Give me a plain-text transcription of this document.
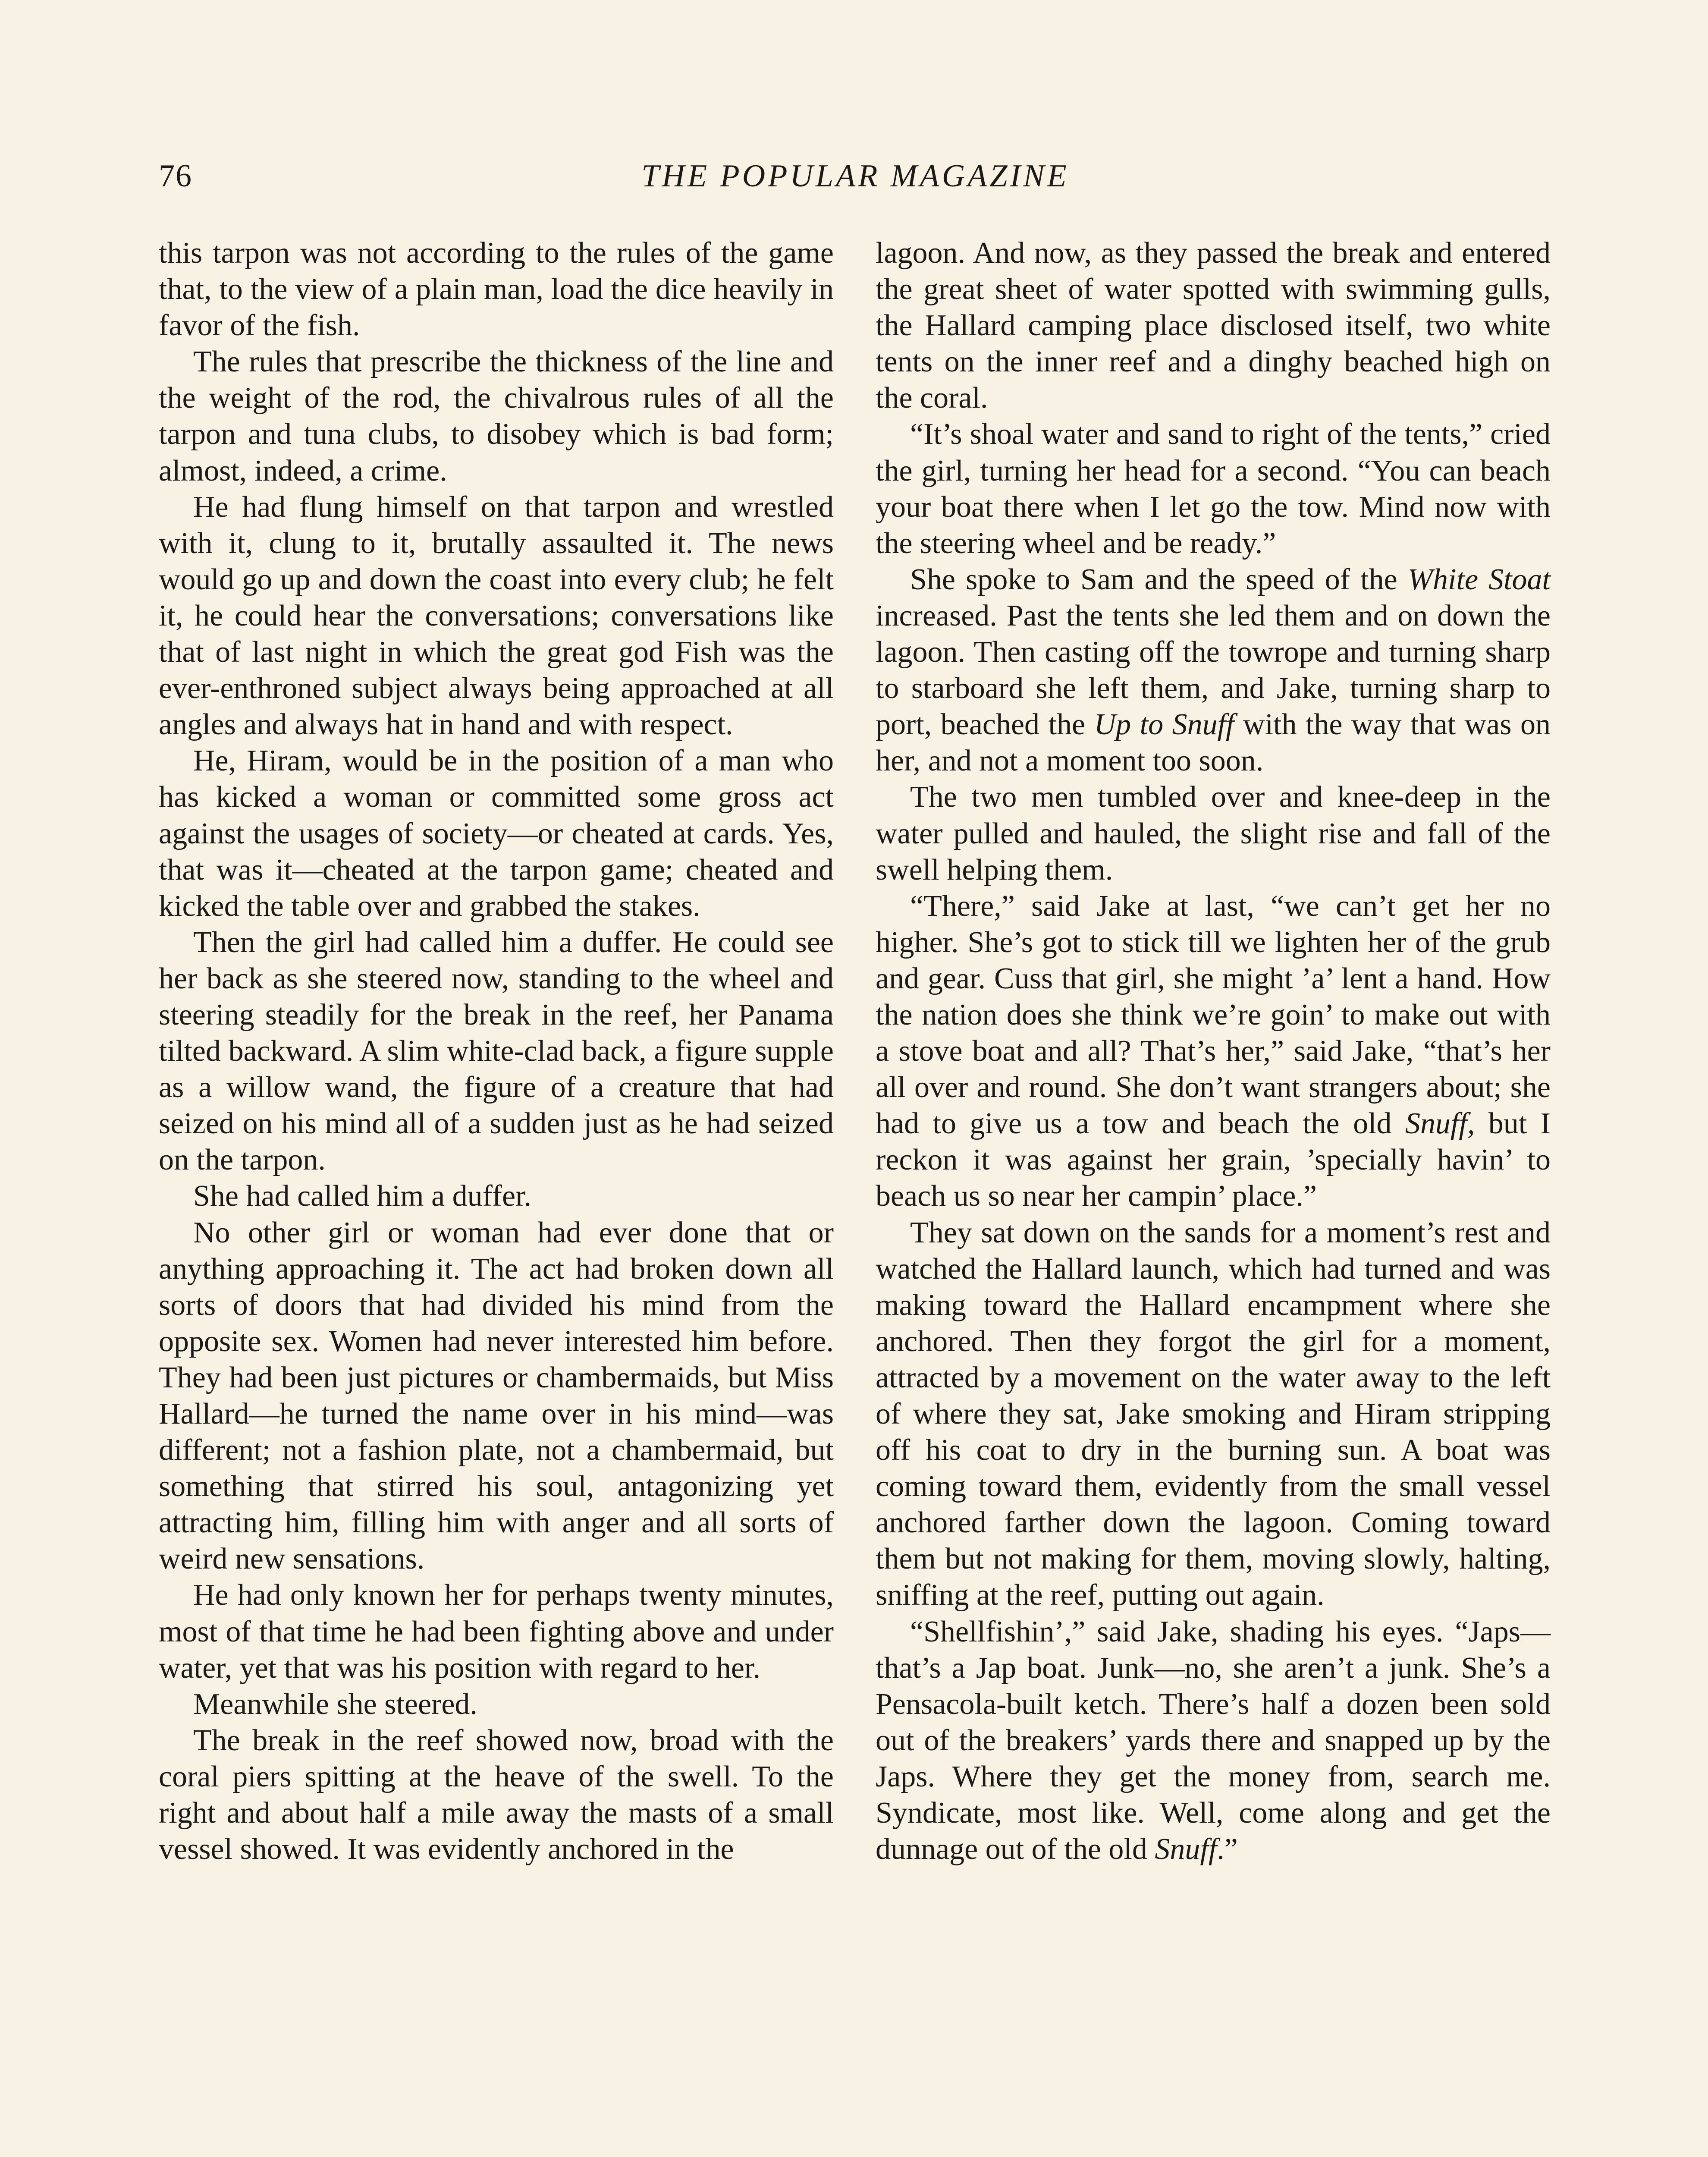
76	THE POPULAR MAGAZINE

this tarpon was not according to the rules of the game that, to the view of a plain man, load the dice heavily in favor of the fish.

The rules that prescribe the thickness of the line and the weight of the rod, the chivalrous rules of all the tarpon and tuna clubs, to disobey which is bad form; almost, indeed, a crime.

He had flung himself on that tarpon and wrestled with it, clung to it, brutally assaulted it. The news would go up and down the coast into every club; he felt it, he could hear the conversations; conversations like that of last night in which the great god Fish was the ever-enthroned subject always being approached at all angles and always hat in hand and with respect.

He, Hiram, would be in the position of a man who has kicked a woman or committed some gross act against the usages of society—or cheated at cards. Yes, that was it—cheated at the tarpon game; cheated and kicked the table over and grabbed the stakes.

Then the girl had called him a duffer. He could see her back as she steered now, standing to the wheel and steering steadily for the break in the reef, her Panama tilted backward. A slim white-clad back, a figure supple as a willow wand, the figure of a creature that had seized on his mind all of a sudden just as he had seized on the tarpon.

She had called him a duffer.

No other girl or woman had ever done that or anything approaching it. The act had broken down all sorts of doors that had divided his mind from the opposite sex. Women had never interested him before. They had been just pictures or chambermaids, but Miss Hallard—he turned the name over in his mind—was different; not a fashion plate, not a chambermaid, but something that stirred his soul, antagonizing yet attracting him, filling him with anger and all sorts of weird new sensations.

He had only known her for perhaps twenty minutes, most of that time he had been fighting above and under water, yet that was his position with regard to her.

Meanwhile she steered.

The break in the reef showed now, broad with the coral piers spitting at the heave of the swell. To the right and about half a mile away the masts of a small vessel showed. It was evidently anchored in the

lagoon. And now, as they passed the break and entered the great sheet of water spotted with swimming gulls, the Hallard camping place disclosed itself, two white tents on the inner reef and a dinghy beached high on the coral.

“It’s shoal water and sand to right of the tents,” cried the girl, turning her head for a second. “You can beach your boat there when I let go the tow. Mind now with the steering wheel and be ready.”

She spoke to Sam and the speed of the White Stoat increased. Past the tents she led them and on down the lagoon. Then casting off the towrope and turning sharp to starboard she left them, and Jake, turning sharp to port, beached the Up to Snuff with the way that was on her, and not a moment too soon.

The two men tumbled over and knee-deep in the water pulled and hauled, the slight rise and fall of the swell helping them.

“There,” said Jake at last, “we can’t get her no higher. She’s got to stick till we lighten her of the grub and gear. Cuss that girl, she might ’a’ lent a hand. How the nation does she think we’re goin’ to make out with a stove boat and all? That’s her,” said Jake, “that’s her all over and round. She don’t want strangers about; she had to give us a tow and beach the old Snuff, but I reckon it was against her grain, ’specially havin’ to beach us so near her campin’ place.”

They sat down on the sands for a moment’s rest and watched the Hallard launch, which had turned and was making toward the Hallard encampment where she anchored. Then they forgot the girl for a moment, attracted by a movement on the water away to the left of where they sat, Jake smoking and Hiram stripping off his coat to dry in the burning sun. A boat was coming toward them, evidently from the small vessel anchored farther down the lagoon. Coming toward them but not making for them, moving slowly, halting, sniffing at the reef, putting out again.

“Shellfishin’,” said Jake, shading his eyes. “Japs—that’s a Jap boat. Junk—no, she aren’t a junk. She’s a Pensacola-built ketch. There’s half a dozen been sold out of the breakers’ yards there and snapped up by the Japs. Where they get the money from, search me. Syndicate, most like. Well, come along and get the dunnage out of the old Snuff.”
